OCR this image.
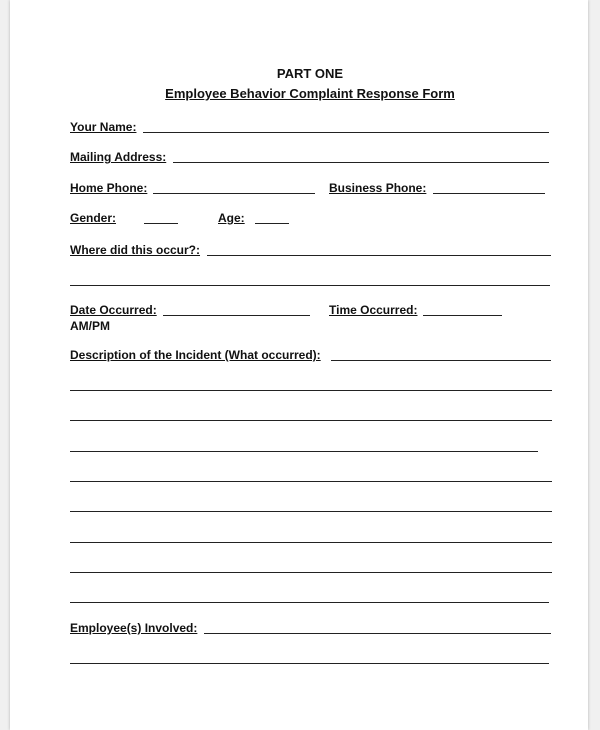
PART ONE
Employee Behavior Complaint Response Form
Your Name:
Mailing Address:
Home Phone:	Business Phone:
Gender:	Age:
Where did this occur?:
Date Occurred:	Time Occurred:
AM/PM
Description of the Incident (What occurred):
Employee(s) Involved:
